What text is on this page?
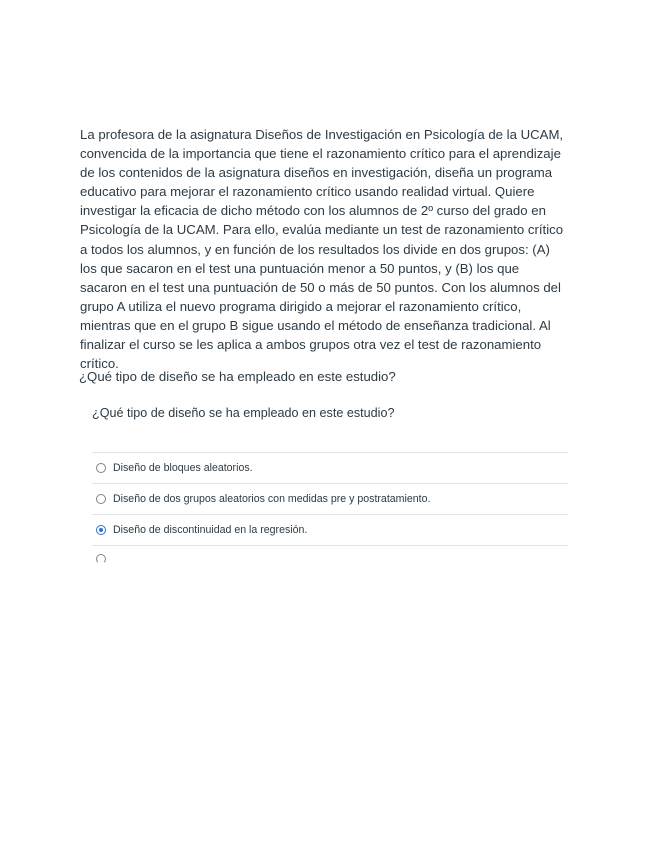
La profesora de la asignatura Diseños de Investigación en Psicología de la UCAM, convencida de la importancia que tiene el razonamiento crítico para el aprendizaje de los contenidos de la asignatura diseños en investigación, diseña un programa educativo para mejorar el razonamiento crítico usando realidad virtual. Quiere investigar la eficacia de dicho método con los alumnos de 2º curso del grado en Psicología de la UCAM. Para ello, evalúa mediante un test de razonamiento crítico a todos los alumnos, y en función de los resultados los divide en dos grupos: (A) los que sacaron en el test una puntuación menor a 50 puntos, y (B) los que sacaron en el test una puntuación de 50 o más de 50 puntos. Con los alumnos del grupo A utiliza el nuevo programa dirigido a mejorar el razonamiento crítico, mientras que en el grupo B sigue usando el método de enseñanza tradicional. Al finalizar el curso se les aplica a ambos grupos otra vez el test de razonamiento crítico.

¿Qué tipo de diseño se ha empleado en este estudio?

¿Qué tipo de diseño se ha empleado en este estudio?

Diseño de bloques aleatorios.
Diseño de dos grupos aleatorios con medidas pre y postratamiento.
Diseño de discontinuidad en la regresión.
